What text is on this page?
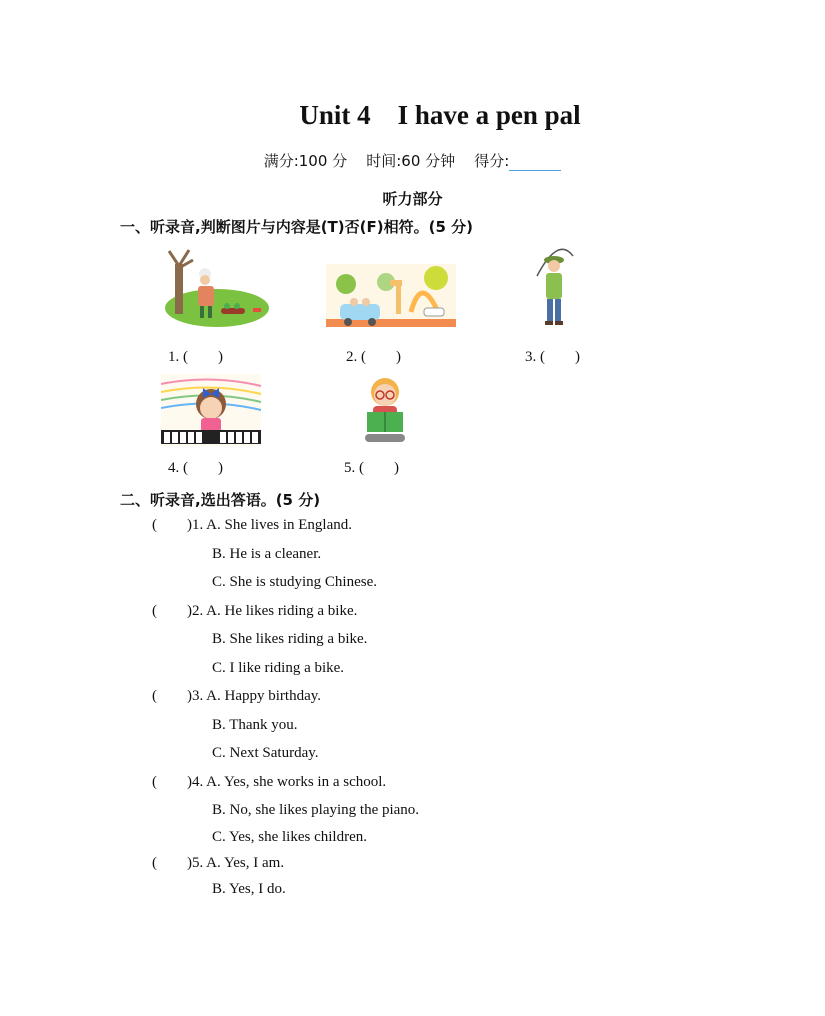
Unit 4    I have a pen pal
满分:100 分 时间:60 分钟 得分:
听力部分
一、听录音,判断图片与内容是(T)否(F)相符。(5 分)
1. (        )	2. (        )	3. (        )
4. (        )	5. (        )
二、听录音,选出答语。(5 分)
(        )1. A. She lives in England.
B. He is a cleaner.
C. She is studying Chinese.
(        )2. A. He likes riding a bike.
B. She likes riding a bike.
C. I like riding a bike.
(        )3. A. Happy birthday.
B. Thank you.
C. Next Saturday.
(        )4. A. Yes, she works in a school.
B. No, she likes playing the piano.
C. Yes, she likes children.
(        )5. A. Yes, I am.
B. Yes, I do.
